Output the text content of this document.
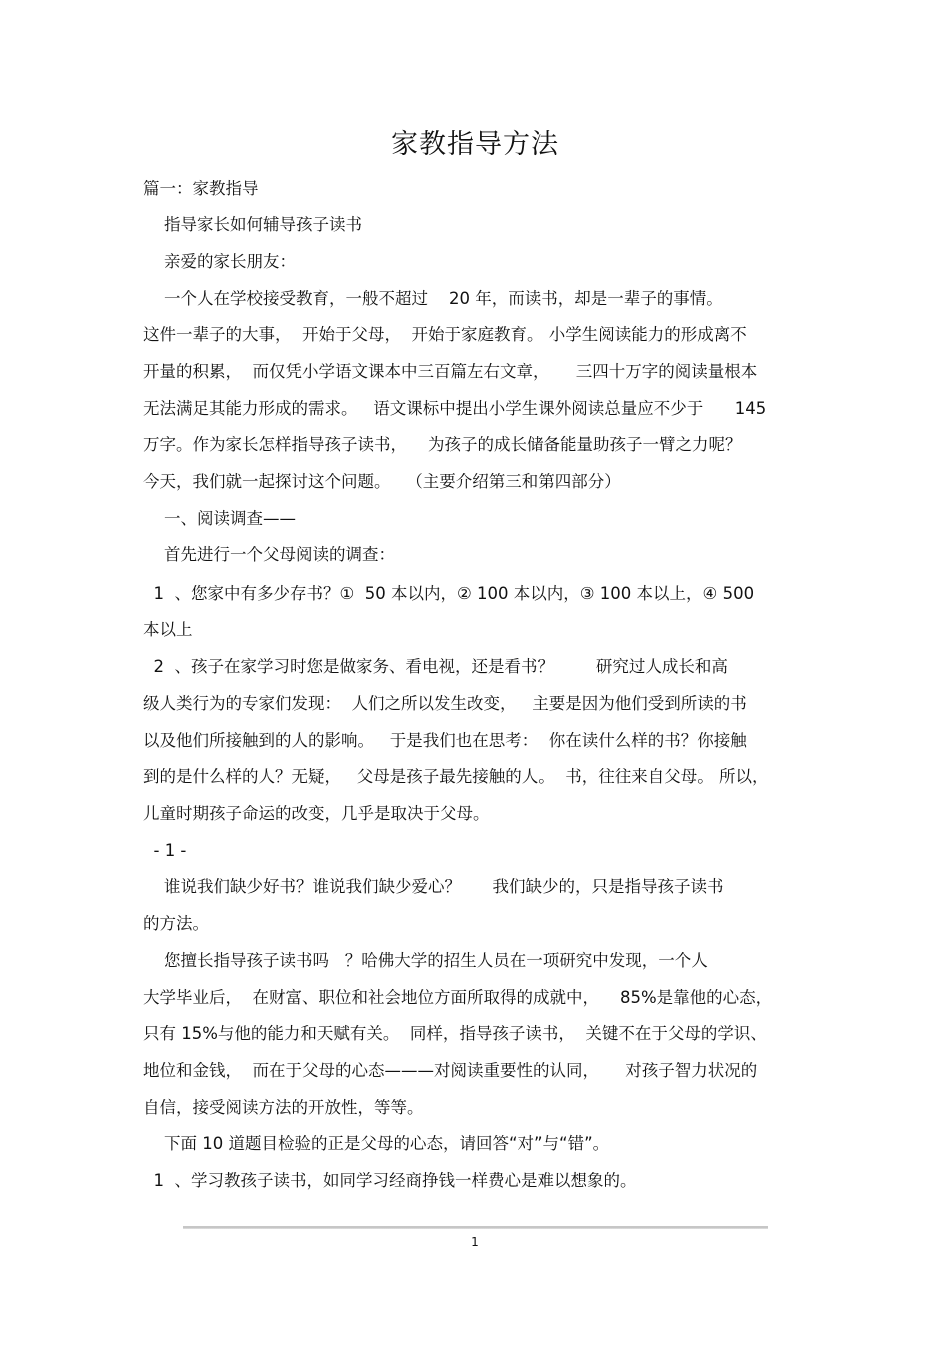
家教指导方法
篇一：家教指导
指导家长如何辅导孩子读书
亲爱的家长朋友：
一个人在学校接受教育，一般不超过    20 年，而读书，却是一辈子的事情。
这件一辈子的大事，  开始于父母，  开始于家庭教育。 小学生阅读能力的形成离不
开量的积累，  而仅凭小学语文课本中三百篇左右文章，     三四十万字的阅读量根本
无法满足其能力形成的需求。   语文课标中提出小学生课外阅读总量应不少于      145
万字。作为家长怎样指导孩子读书，    为孩子的成长储备能量助孩子一臂之力呢？
今天，我们就一起探讨这个问题。   （主要介绍第三和第四部分）
一、阅读调查——
首先进行一个父母阅读的调查：
1  、您家中有多少存书？①  50 本以内，② 100 本以内，③ 100 本以上，④ 500
本以上
2  、孩子在家学习时您是做家务、看电视，还是看书？        研究过人成长和高
级人类行为的专家们发现：  人们之所以发生改变，   主要是因为他们受到所读的书
以及他们所接触到的人的影响。   于是我们也在思考：  你在读什么样的书？你接触
到的是什么样的人？无疑，   父母是孩子最先接触的人。  书，往往来自父母。 所以，
儿童时期孩子命运的改变，几乎是取决于父母。
- 1 -
谁说我们缺少好书？谁说我们缺少爱心？      我们缺少的，只是指导孩子读书
的方法。
您擅长指导孩子读书吗   ？哈佛大学的招生人员在一项研究中发现，一个人
大学毕业后，  在财富、职位和社会地位方面所取得的成就中，    85%是靠他的心态，
只有 15%与他的能力和天赋有关。  同样，指导孩子读书，  关键不在于父母的学识、
地位和金钱，  而在于父母的心态———对阅读重要性的认同，     对孩子智力状况的
自信，接受阅读方法的开放性，等等。
下面 10 道题目检验的正是父母的心态，请回答“对”与“错”。
1  、学习教孩子读书，如同学习经商挣钱一样费心是难以想象的。
1
